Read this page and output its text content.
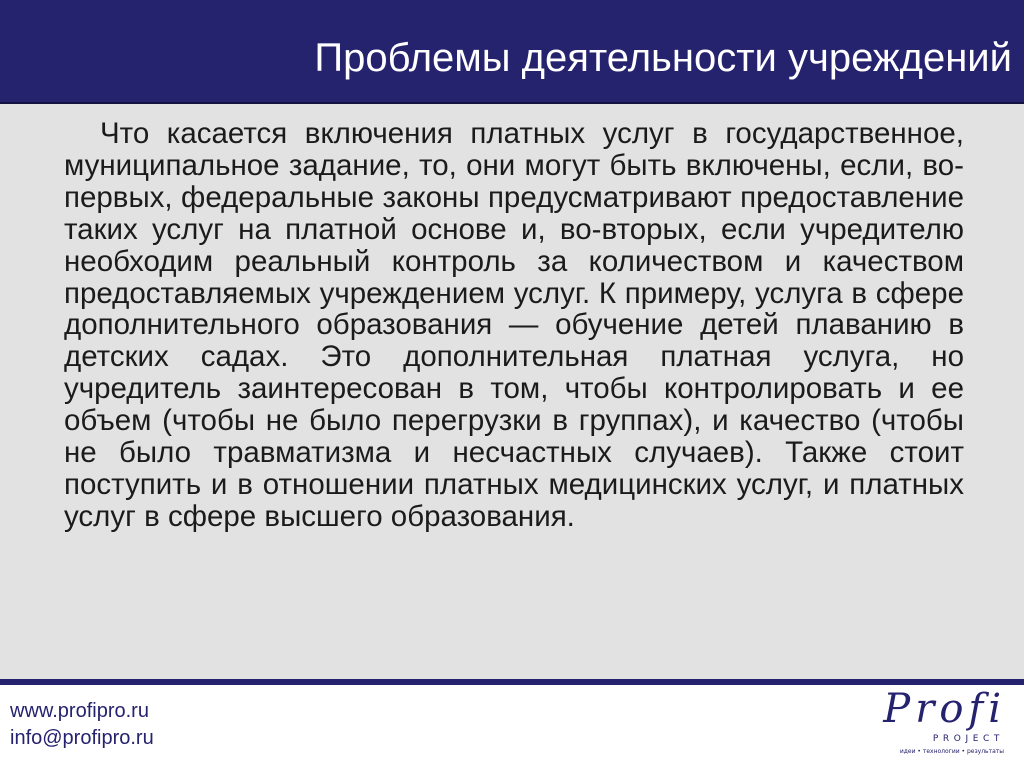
Проблемы деятельности учреждений

Что касается включения платных услуг в государственное, муниципальное задание, то, они могут быть включены, если, во-первых, федеральные законы предусматривают предоставление таких услуг на платной основе и, во-вторых, если учредителю необходим реальный контроль за количеством и качеством предоставляемых учреждением услуг. К примеру, услуга в сфере дополнительного образования — обучение детей плаванию в детских садах. Это дополнительная платная услуга, но учредитель заинтересован в том, чтобы контролировать и ее объем (чтобы не было перегрузки в группах), и качество (чтобы не было травматизма и несчастных случаев). Также стоит поступить и в отношении платных медицинских услуг, и платных услуг в сфере высшего образования.

www.profipro.ru
info@profipro.ru
Profi
PROJECT
идеи • технологии • результаты
